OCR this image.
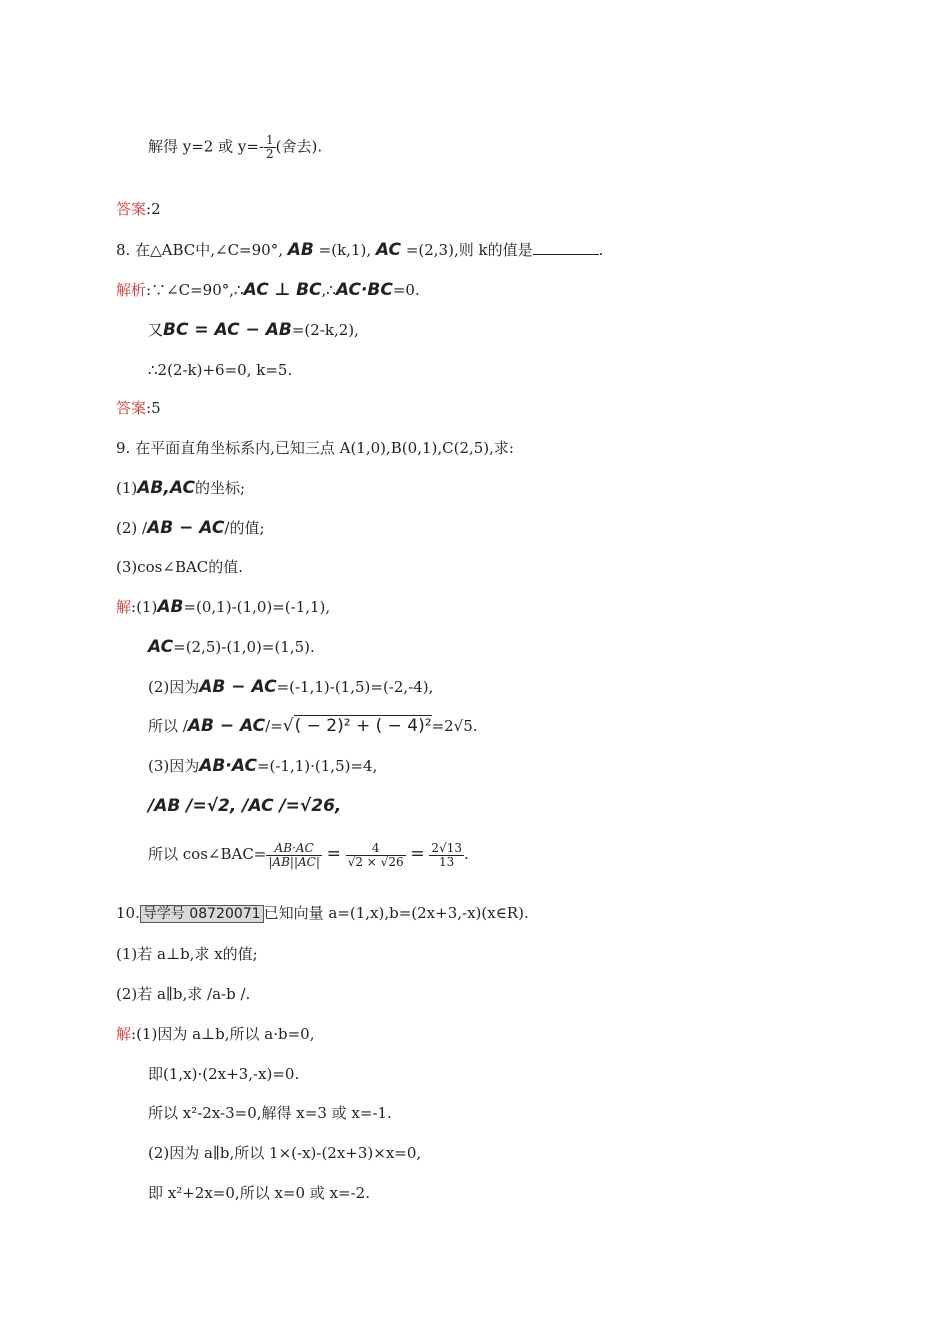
解得 y=2 或 $y=- \frac{1}{2}$ (舍去).
答案:2
8. 在△ABC中,∠C=90°, AB =(k,1), AC =(2,3),则 k的值是	.
解析:∵∠C=90°,∴AC ⊥ BC,∴AC·BC=0.
又BC = AC − AB=(2-k,2),
∴2(2-k)+6=0, k=5.
答案:5
9. 在平面直角坐标系内,已知三点 A(1,0),B(0,1),C(2,5),求:
(1)AB,AC的坐标;
(2) /AB − AC/的值;
(3)cos∠BAC的值.
解:(1)AB=(0,1)-(1,0)=(-1,1),
AC=(2,5)-(1,0)=(1,5).
(2)因为AB − AC=(-1,1)-(1,5)=(-2,-4),
所以 /AB − AC/=√( − 2)² + ( − 4)²=2√5.
(3)因为AB·AC=(-1,1)·(1,5)=4,
/AB /=√2, /AC /=√26,
所以 cos∠BAC= $\frac{AB\cdot AC}{|AB||AC|} = \frac{4}{√2 \times √26} = \frac{2√13}{13}$ .
10. 导学号 08720071 已知向量 a=(1,x),b=(2x+3,-x)(x∈R).
(1)若 a⊥b,求 x的值;
(2)若 a∥b,求 /a-b /.
解:(1)因为 a⊥b,所以 a·b=0,
即(1,x)·(2x+3,-x)=0.
所以 x²-2x-3=0,解得 x=3 或 x=-1.
(2)因为 a∥b,所以 1×(-x)-(2x+3)×x=0,
即 x²+2x=0,所以 x=0 或 x=-2.
